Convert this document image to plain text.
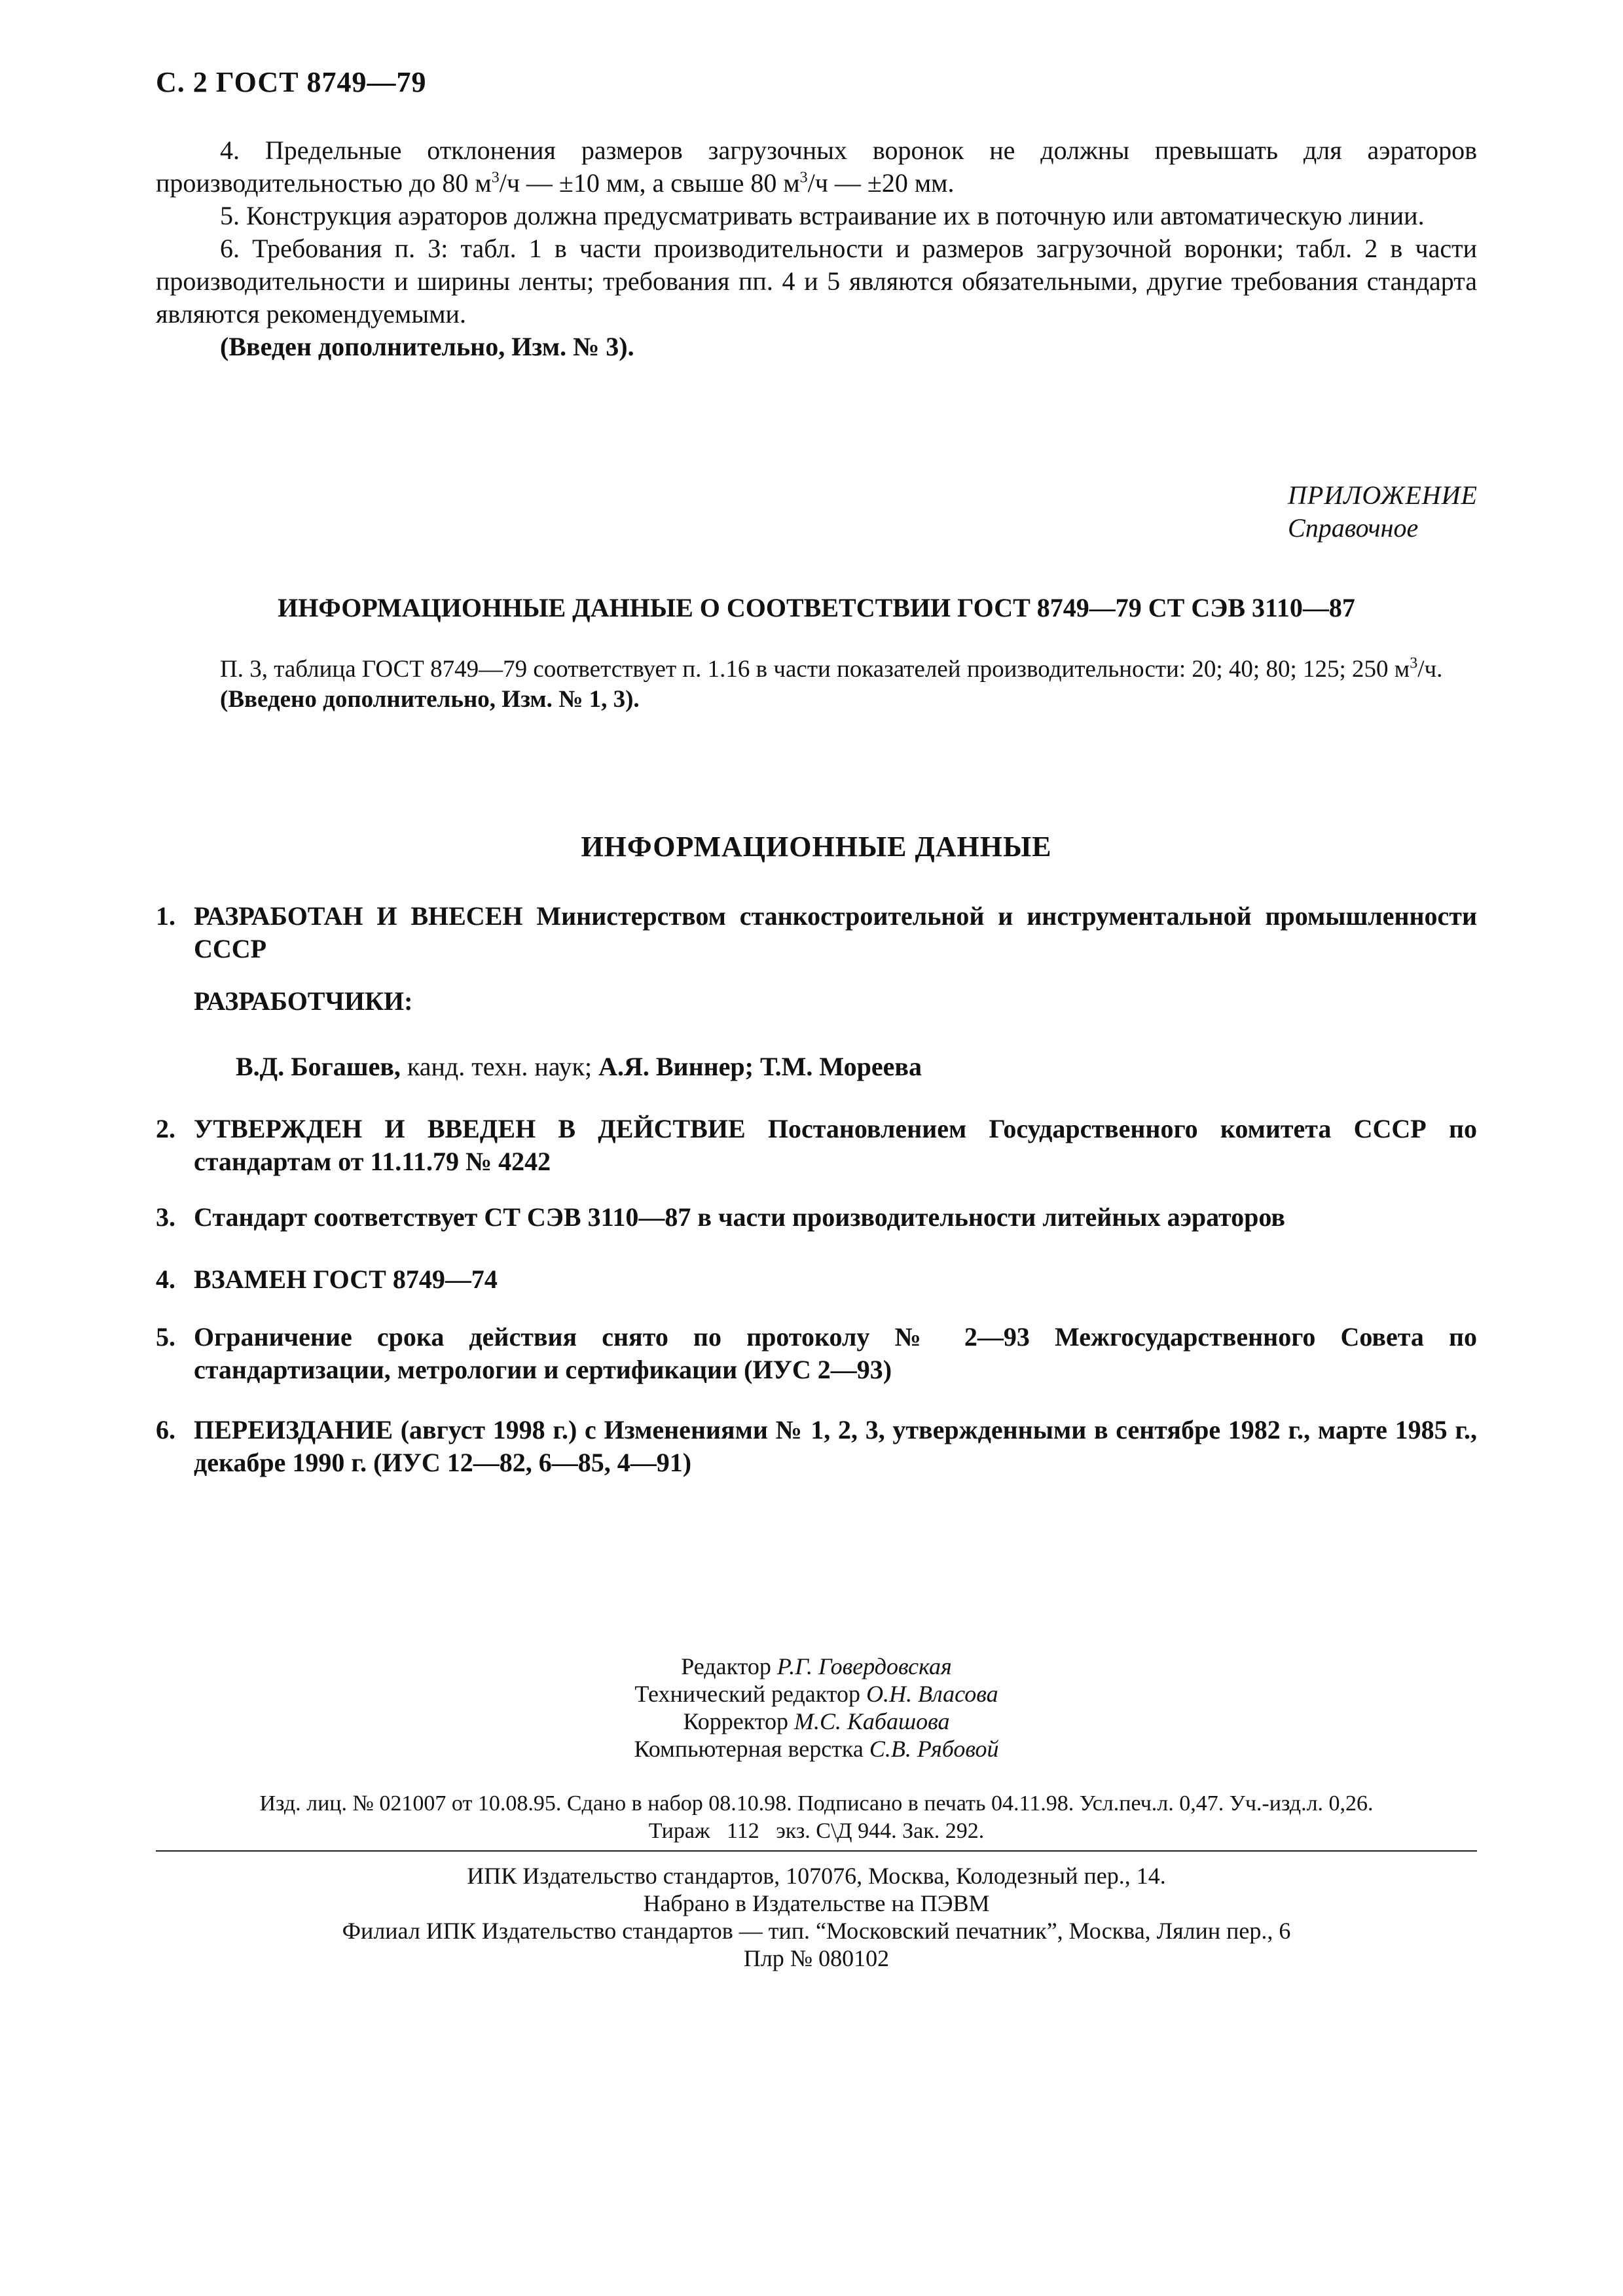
С. 2 ГОСТ 8749—79

4. Предельные отклонения размеров загрузочных воронок не должны превышать для аэраторов производительностью до 80 $м^3/ч$ — ±10 мм, а свыше 80 $м^3/ч$ — ±20 мм.

5. Конструкция аэраторов должна предусматривать встраивание их в поточную или автоматическую линии.

6. Требования п. 3: табл. 1 в части производительности и размеров загрузочной воронки; табл. 2 в части производительности и ширины ленты; требования пп. 4 и 5 являются обязательными, другие требования стандарта являются рекомендуемыми.

(Введен дополнительно, Изм. № 3).

ПРИЛОЖЕНИЕ
Справочное
ИНФОРМАЦИОННЫЕ ДАННЫЕ О СООТВЕТСТВИИ ГОСТ 8749—79 СТ СЭВ 3110—87

П. 3, таблица ГОСТ 8749—79 соответствует п. 1.16 в части показателей производительности: 20; 40; 80; 125; 250 $м^3/ч$.

(Введено дополнительно, Изм. № 1, 3).

ИНФОРМАЦИОННЫЕ ДАННЫЕ
1. РАЗРАБОТАН И ВНЕСЕН Министерством станкостроительной и инструментальной промышленности СССР
РАЗРАБОТЧИКИ:
В.Д. Богашев, канд. техн. наук; А.Я. Виннер; Т.М. Мореева
2. УТВЕРЖДЕН И ВВЕДЕН В ДЕЙСТВИЕ Постановлением Государственного комитета СССР по стандартам от 11.11.79 № 4242
3. Стандарт соответствует СТ СЭВ 3110—87 в части производительности литейных аэраторов
4. ВЗАМЕН ГОСТ 8749—74
5. Ограничение срока действия снято по протоколу № 2—93 Межгосударственного Совета по стандартизации, метрологии и сертификации (ИУС 2—93)
6. ПЕРЕИЗДАНИЕ (август 1998 г.) с Изменениями № 1, 2, 3, утвержденными в сентябре 1982 г., марте 1985 г., декабре 1990 г. (ИУС 12—82, 6—85, 4—91)
Редактор Р.Г. Говердовская
Технический редактор О.Н. Власова
Корректор М.С. Кабашова
Компьютерная верстка С.В. Рябовой
Изд. лиц. № 021007 от 10.08.95. Сдано в набор 08.10.98. Подписано в печать 04.11.98. Усл.печ.л. 0,47. Уч.-изд.л. 0,26.
Тираж   112   экз. С\Д 944. Зак. 292.
ИПК Издательство стандартов, 107076, Москва, Колодезный пер., 14.
Набрано в Издательстве на ПЭВМ
Филиал ИПК Издательство стандартов — тип. “Московский печатник”, Москва, Лялин пер., 6
Плр № 080102
